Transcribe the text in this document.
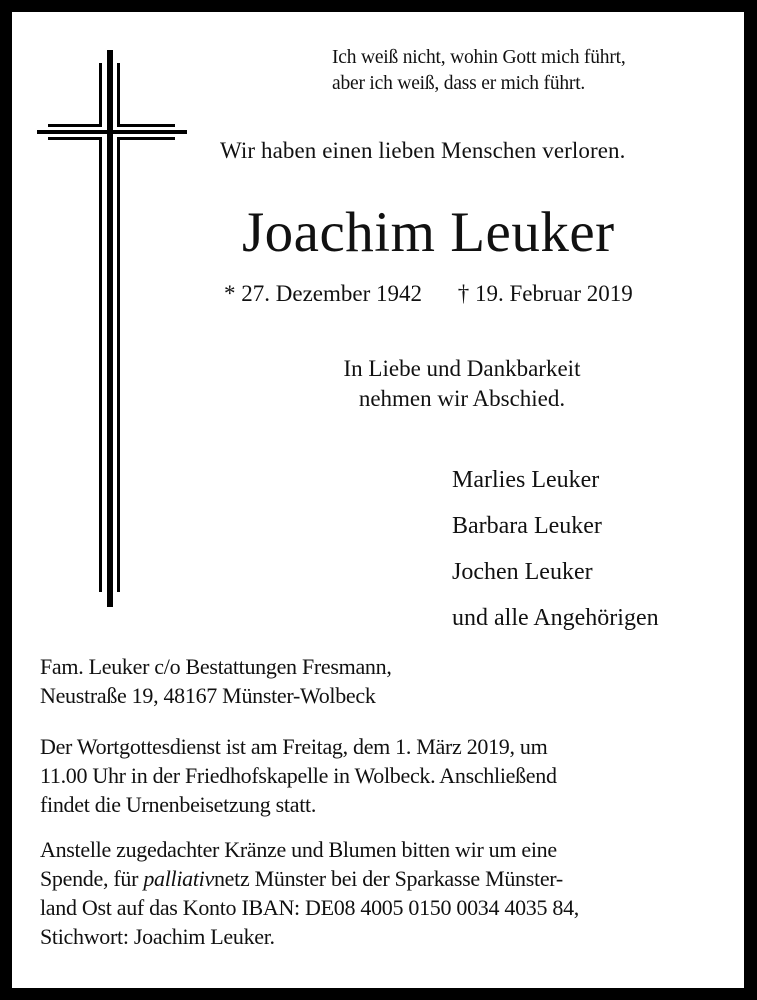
Ich weiß nicht, wohin Gott mich führt,
aber ich weiß, dass er mich führt.
Wir haben einen lieben Menschen verloren.
Joachim Leuker
* 27. Dezember 1942 † 19. Februar 2019
In Liebe und Dankbarkeit
nehmen wir Abschied.
Marlies Leuker
Barbara Leuker
Jochen Leuker
und alle Angehörigen
Fam. Leuker c/o Bestattungen Fresmann,
Neustraße 19, 48167 Münster-Wolbeck
Der Wortgottesdienst ist am Freitag, dem 1. März 2019, um
11.00 Uhr in der Friedhofskapelle in Wolbeck. Anschließend
findet die Urnenbeisetzung statt.
Anstelle zugedachter Kränze und Blumen bitten wir um eine
Spende, für palliativnetz Münster bei der Sparkasse Münster-
land Ost auf das Konto IBAN: DE08 4005 0150 0034 4035 84,
Stichwort: Joachim Leuker.
